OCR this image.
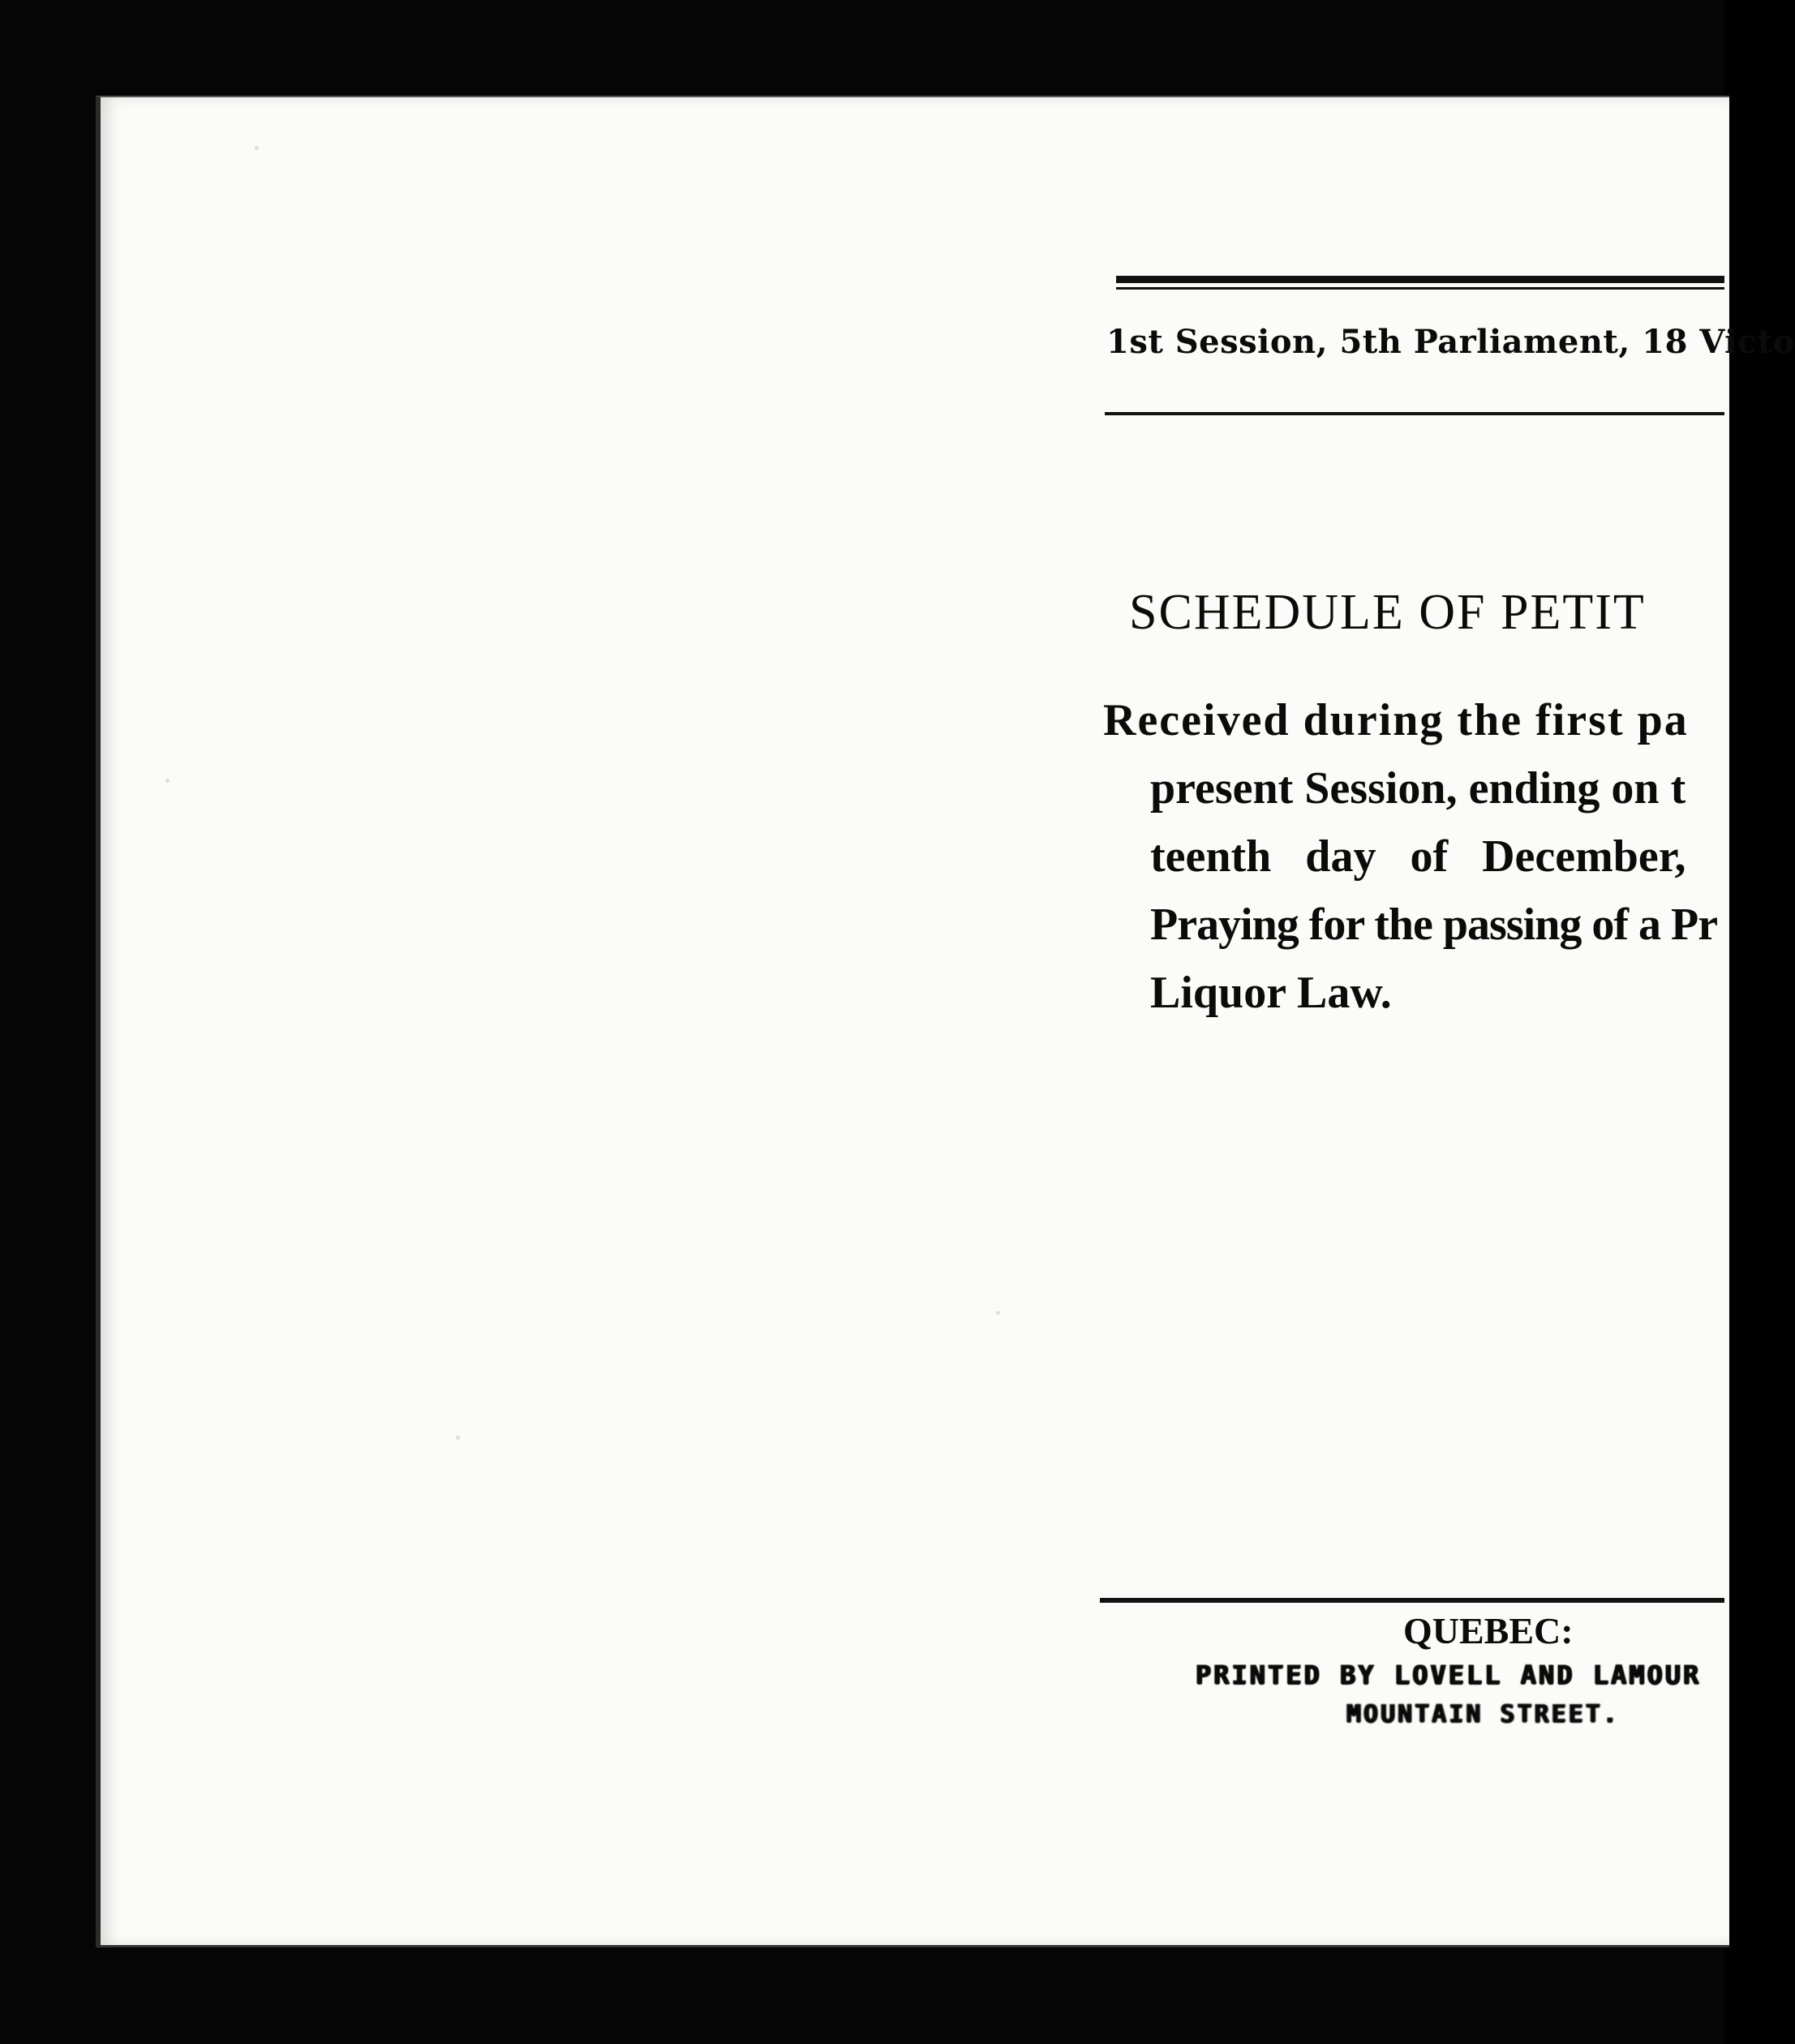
1st Session, 5th Parliament, 18 Victo
SCHEDULE OF PETIT
Received during the first pa
present Session, ending on t
teenth day of December,
Praying for the passing of a Pr
Liquor Law.
QUEBEC:
PRINTED BY LOVELL AND LAMOUR
MOUNTAIN STREET.
